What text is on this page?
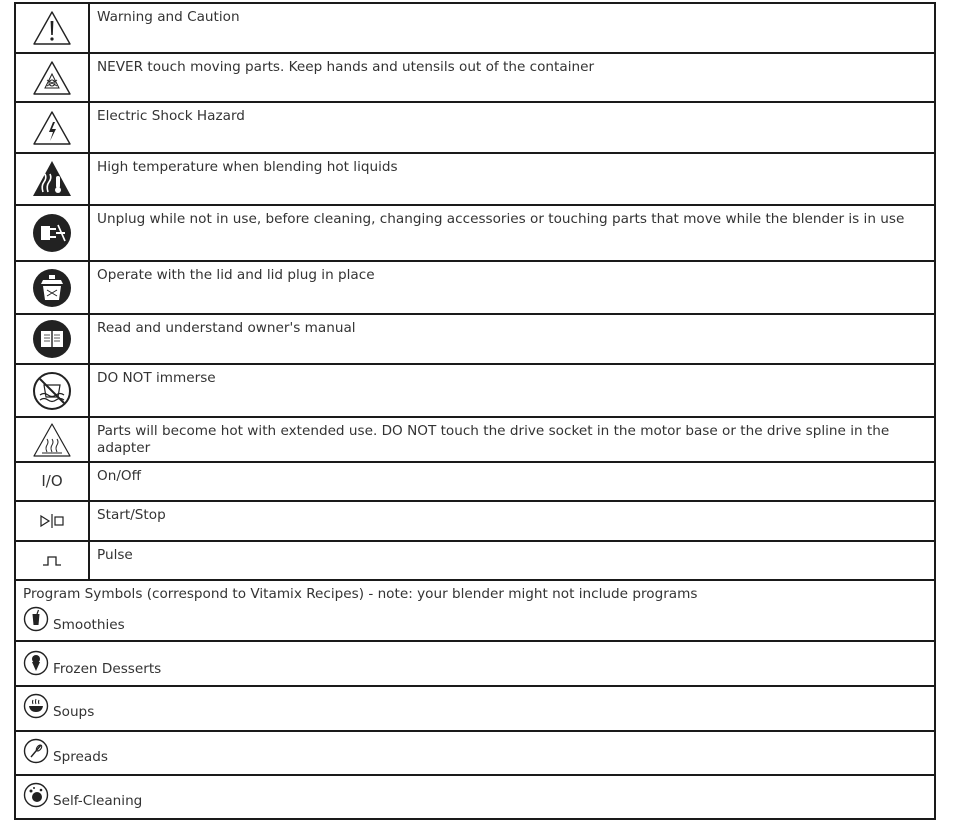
	Warning and Caution

	NEVER touch moving parts. Keep hands and utensils out of the container

	Electric Shock Hazard

	High temperature when blending hot liquids

	Unplug while not in use, before cleaning, changing accessories or touching parts that move while the blender is in use

	Operate with the lid and lid plug in place

	Read and understand owner's manual

	DO NOT immerse

	Parts will become hot with extended use. DO NOT touch the drive socket in the motor base or the drive spline in the adapter
I/O	On/Off

	Start/Stop

	Pulse

Program Symbols (correspond to Vitamix Recipes) - note: your blender might not include programs
Smoothies	

Frozen Desserts	

Soups	

Spreads	

Self-Cleaning	
